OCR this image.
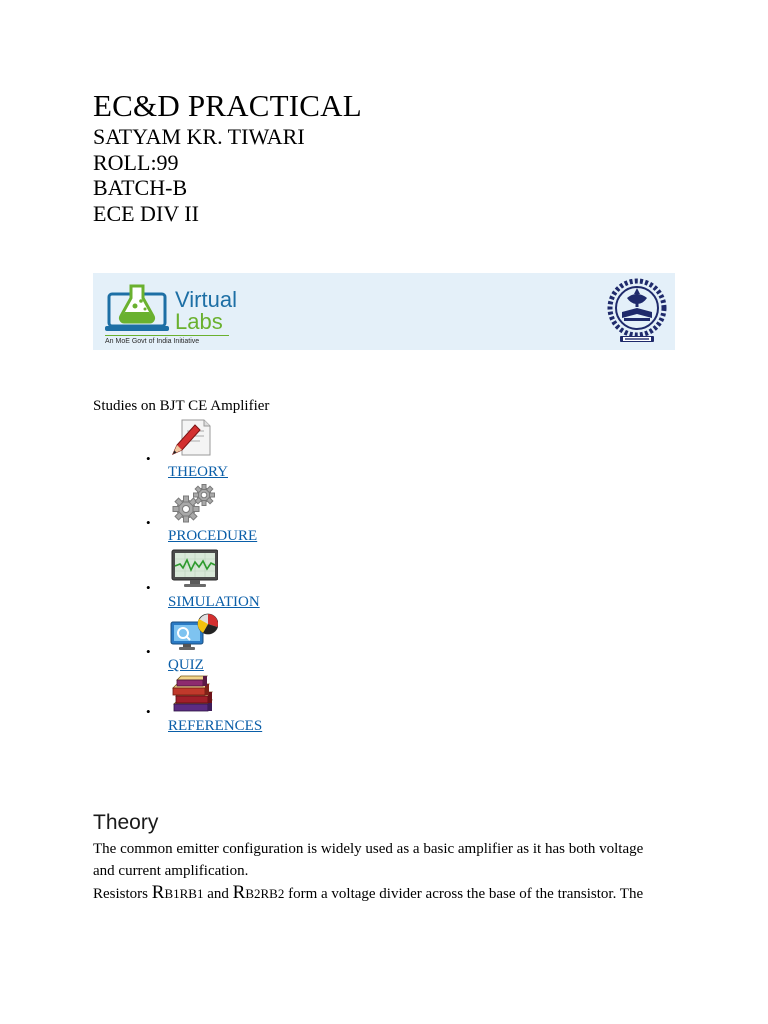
EC&D PRACTICAL
SATYAM KR. TIWARI
ROLL:99
BATCH-B
ECE DIV II
Virtual
Labs
An MoE Govt of India Initiative
Studies on BJT CE Amplifier
•
THEORY
•
PROCEDURE
•
SIMULATION
•
QUIZ
•
REFERENCES
Theory
The common emitter configuration is widely used as a basic amplifier as it has both voltage
and current amplification.
Resistors RB1RB1 and RB2RB2 form a voltage divider across the base of the transistor. The
